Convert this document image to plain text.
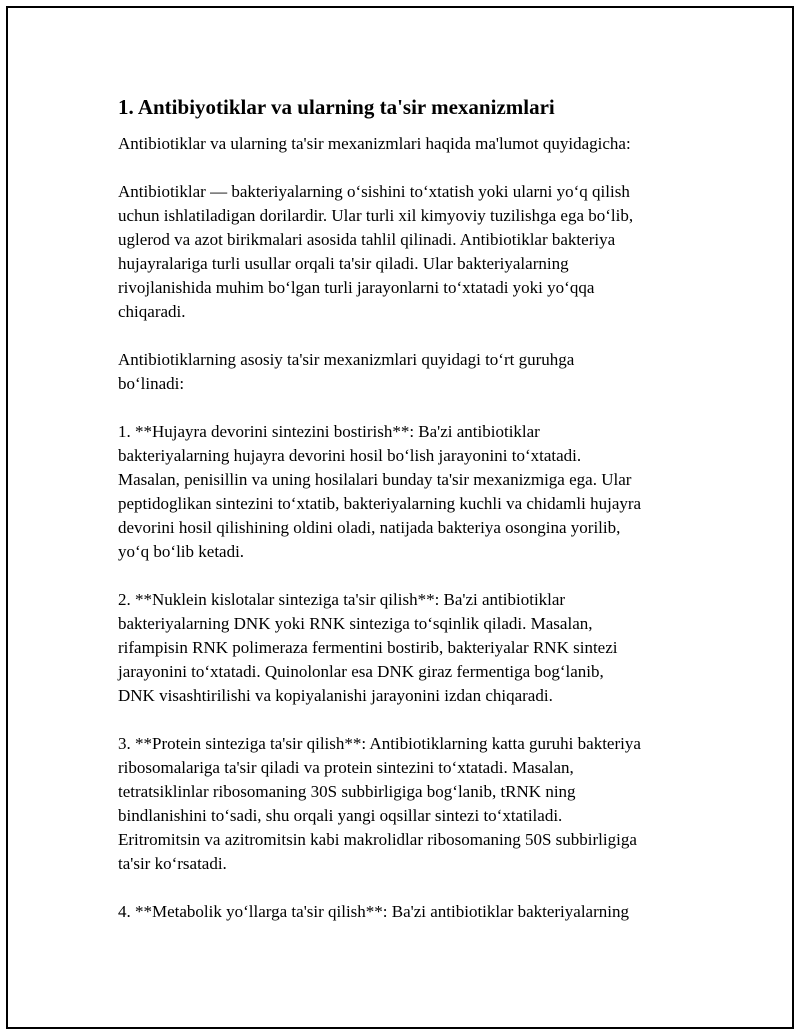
1. Antibiyotiklar va ularning ta'sir mexanizmlari

Antibiotiklar va ularning ta'sir mexanizmlari haqida ma'lumot quyidagicha:

Antibiotiklar — bakteriyalarning o‘sishini to‘xtatish yoki ularni yo‘q qilish
uchun ishlatiladigan dorilardir. Ular turli xil kimyoviy tuzilishga ega bo‘lib,
uglerod va azot birikmalari asosida tahlil qilinadi. Antibiotiklar bakteriya
hujayralariga turli usullar orqali ta'sir qiladi. Ular bakteriyalarning
rivojlanishida muhim bo‘lgan turli jarayonlarni to‘xtatadi yoki yo‘qqa
chiqaradi.

Antibiotiklarning asosiy ta'sir mexanizmlari quyidagi to‘rt guruhga
bo‘linadi:

1. **Hujayra devorini sintezini bostirish**: Ba'zi antibiotiklar
bakteriyalarning hujayra devorini hosil bo‘lish jarayonini to‘xtatadi.
Masalan, penisillin va uning hosilalari bunday ta'sir mexanizmiga ega. Ular
peptidoglikan sintezini to‘xtatib, bakteriyalarning kuchli va chidamli hujayra
devorini hosil qilishining oldini oladi, natijada bakteriya osongina yorilib,
yo‘q bo‘lib ketadi.

2. **Nuklein kislotalar sinteziga ta'sir qilish**: Ba'zi antibiotiklar
bakteriyalarning DNK yoki RNK sinteziga to‘sqinlik qiladi. Masalan,
rifampisin RNK polimeraza fermentini bostirib, bakteriyalar RNK sintezi
jarayonini to‘xtatadi. Quinolonlar esa DNK giraz fermentiga bog‘lanib,
DNK visashtirilishi va kopiyalanishi jarayonini izdan chiqaradi.

3. **Protein sinteziga ta'sir qilish**: Antibiotiklarning katta guruhi bakteriya
ribosomalariga ta'sir qiladi va protein sintezini to‘xtatadi. Masalan,
tetratsiklinlar ribosomaning 30S subbirligiga bog‘lanib, tRNK ning
bindlanishini to‘sadi, shu orqali yangi oqsillar sintezi to‘xtatiladi.
Eritromitsin va azitromitsin kabi makrolidlar ribosomaning 50S subbirligiga
ta'sir ko‘rsatadi.

4. **Metabolik yo‘llarga ta'sir qilish**: Ba'zi antibiotiklar bakteriyalarning
